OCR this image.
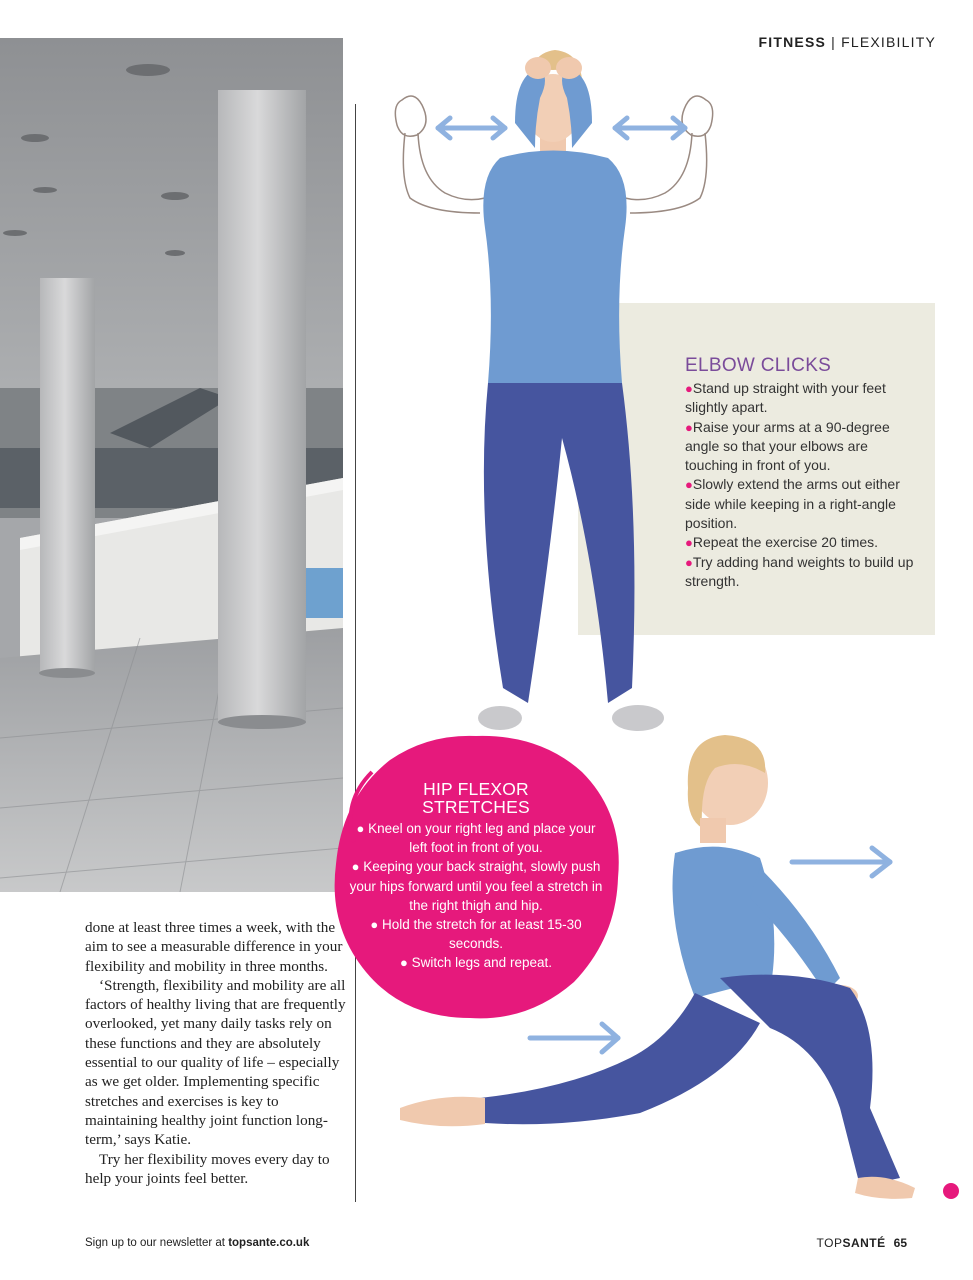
FITNESS | FLEXIBILITY

done at least three times a week, with the aim to see a measurable difference in your flexibility and mobility in three months.

‘Strength, flexibility and mobility are all factors of healthy living that are frequently overlooked, yet many daily tasks rely on these functions and they are absolutely essential to our quality of life – especially as we get older. Implementing specific stretches and exercises is key to maintaining healthy joint function long-term,’ says Katie.

Try her flexibility moves every day to help your joints feel better.

ELBOW CLICKS
●Stand up straight with your feet slightly apart.
●Raise your arms at a 90-degree angle so that your elbows are touching in front of you.
●Slowly extend the arms out either side while keeping in a right-angle position.
●Repeat the exercise 20 times.
●Try adding hand weights to build up strength.
HIP FLEXOR
STRETCHES
● Kneel on your right leg and place your left foot in front of you.
● Keeping your back straight, slowly push your hips forward until you feel a stretch in the right thigh and hip.
● Hold the stretch for at least 15-30 seconds.
● Switch legs and repeat.
Sign up to our newsletter at topsante.co.uk	TOPSANTÉ 65
